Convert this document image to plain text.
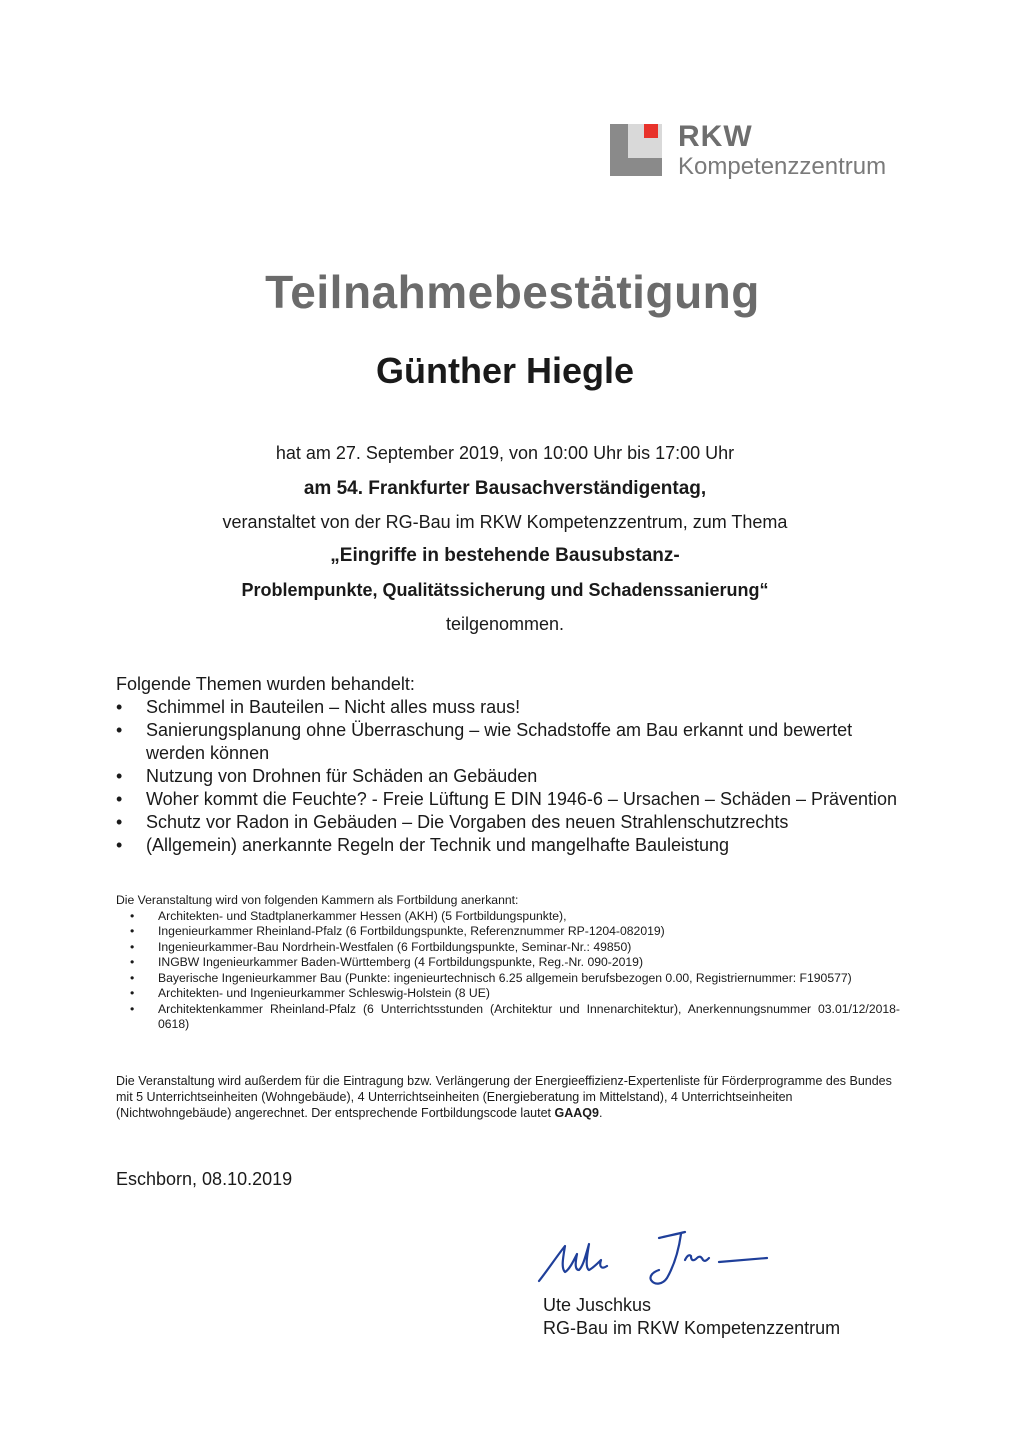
RKW
Kompetenzzentrum
Teilnahmebestätigung
Günther Hiegle
hat am 27. September 2019, von 10:00 Uhr bis 17:00 Uhr
am 54. Frankfurter Bausachverständigentag,
veranstaltet von der RG-Bau im RKW Kompetenzzentrum, zum Thema
„Eingriffe in bestehende Bausubstanz-
Problempunkte, Qualitätssicherung und Schadenssanierung“
teilgenommen.

Folgende Themen wurden behandelt:

• Schimmel in Bauteilen – Nicht alles muss raus!
• Sanierungsplanung ohne Überraschung – wie Schadstoffe am Bau erkannt und bewertet werden können
• Nutzung von Drohnen für Schäden an Gebäuden
• Woher kommt die Feuchte? - Freie Lüftung E DIN 1946-6 – Ursachen – Schäden – Prävention
• Schutz vor Radon in Gebäuden – Die Vorgaben des neuen Strahlenschutzrechts
• (Allgemein) anerkannte Regeln der Technik und mangelhafte Bauleistung

Die Veranstaltung wird von folgenden Kammern als Fortbildung anerkannt:

• Architekten- und Stadtplanerkammer Hessen (AKH) (5 Fortbildungspunkte),
• Ingenieurkammer Rheinland-Pfalz (6 Fortbildungspunkte, Referenznummer RP-1204-082019)
• Ingenieurkammer-Bau Nordrhein-Westfalen (6 Fortbildungspunkte, Seminar-Nr.: 49850)
• INGBW Ingenieurkammer Baden-Württemberg (4 Fortbildungspunkte, Reg.-Nr. 090-2019)
• Bayerische Ingenieurkammer Bau (Punkte: ingenieurtechnisch 6.25 allgemein berufsbezogen 0.00, Registriernummer: F190577)
• Architekten- und Ingenieurkammer Schleswig-Holstein (8 UE)
• Architektenkammer Rheinland-Pfalz (6 Unterrichtsstunden (Architektur und Innenarchitektur), Anerkennungsnummer 03.01/12/2018-0618)

Die Veranstaltung wird außerdem für die Eintragung bzw. Verlängerung der Energieeffizienz-Expertenliste für Förderprogramme des Bundes mit 5 Unterrichtseinheiten (Wohngebäude), 4 Unterrichtseinheiten (Energieberatung im Mittelstand), 4 Unterrichtseinheiten (Nichtwohngebäude) angerechnet. Der entsprechende Fortbildungscode lautet GAAQ9.

Eschborn, 08.10.2019

Ute Juschkus
RG-Bau im RKW Kompetenzzentrum
